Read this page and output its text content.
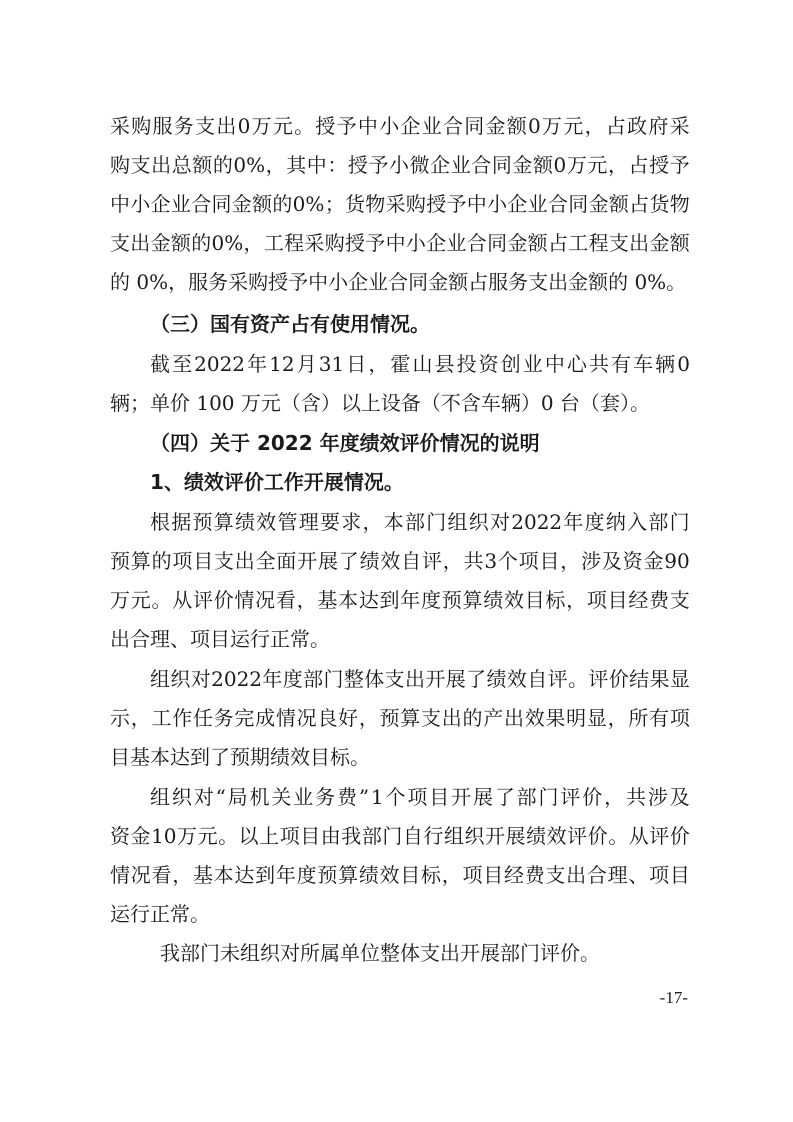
采 购 服 务 支 出 0 万 元 。 授 予 中 小 企 业 合 同 金 额 0 万 元 ， 占 政 府 采
购 支 出 总 额 的 0% ， 其 中 ： 授 予 小 微 企 业 合 同 金 额 0 万 元 ， 占 授 予
中 小 企 业 合 同 金 额 的 0% ； 货 物 采 购 授 予 中 小 企 业 合 同 金 额 占 货 物
支 出 金 额 的 0% ， 工 程 采 购 授 予 中 小 企 业 合 同 金 额 占 工 程 支 出 金 额
的 0%，服务采购授予中小企业合同金额占服务支出金额的 0%。
（三）国有资产占有使用情况。
截 至 2022 年 12 月 31 日 ， 霍 山 县 投 资 创 业 中 心 共 有 车 辆 0
辆；单价 100 万元（含）以上设备（不含车辆）0 台（套）。
（四）关于 2022 年度绩效评价情况的说明
1、绩效评价工作开展情况。
根 据 预 算 绩 效 管 理 要 求 ， 本 部 门 组 织 对 2022 年 度 纳 入 部 门
预 算 的 项 目 支 出 全 面 开 展 了 绩 效 自 评 ， 共 3 个 项 目 ， 涉 及 资 金 90
万 元 。 从 评 价 情 况 看 ， 基 本 达 到 年 度 预 算 绩 效 目 标 ， 项 目 经 费 支
出合理、项目运行正常。
组 织 对 2022 年 度 部 门 整 体 支 出 开 展 了 绩 效 自 评 。 评 价 结 果 显
示 ， 工 作 任 务 完 成 情 况 良 好 ， 预 算 支 出 的 产 出 效 果 明 显 ， 所 有 项
目基本达到了预期绩效目标。
组 织 对 “ 局 机 关 业 务 费 ” 1 个 项 目 开 展 了 部 门 评 价 ， 共 涉 及
资 金 10 万 元 。 以 上 项 目 由 我 部 门 自 行 组 织 开 展 绩 效 评 价 。 从 评 价
情 况 看 ， 基 本 达 到 年 度 预 算 绩 效 目 标 ， 项 目 经 费 支 出 合 理 、 项 目
运行正常。
我部门未组织对所属单位整体支出开展部门评价。
-17-
